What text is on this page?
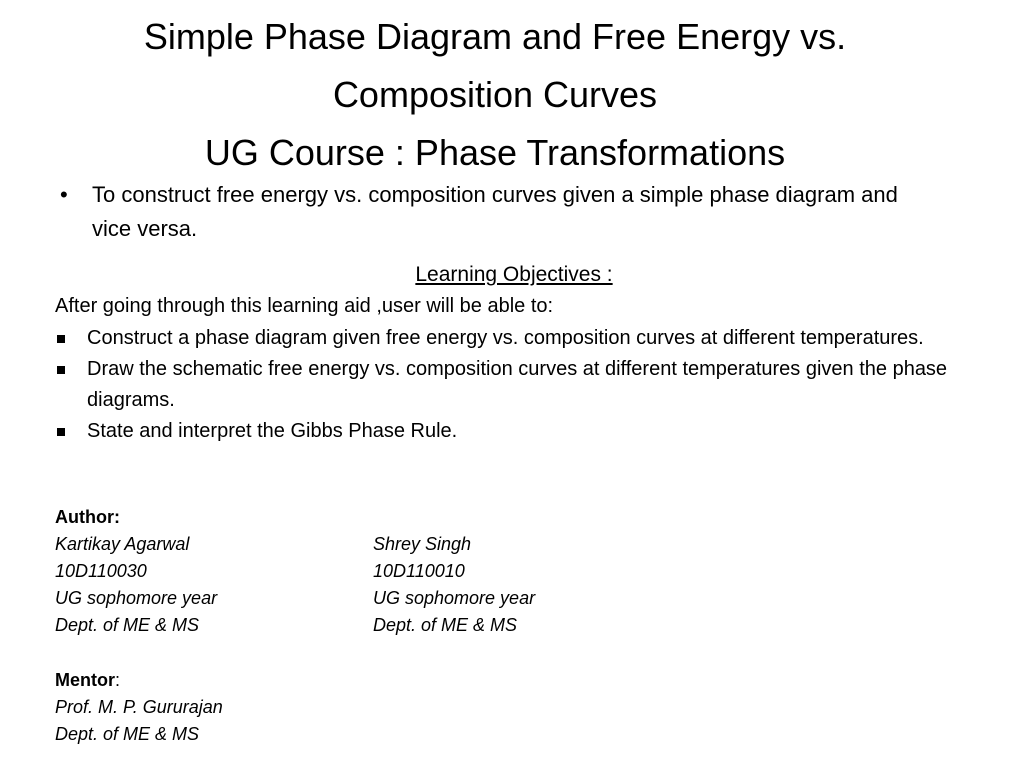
Simple Phase Diagram and Free Energy vs.
Composition Curves
UG Course : Phase Transformations
• To construct free energy vs. composition curves given a simple phase diagram and vice versa.
Learning Objectives :
After going through this learning aid ,user will be able to:
Construct a phase diagram given free energy vs. composition curves at different temperatures.
Draw the schematic free energy vs. composition curves at different temperatures given the phase diagrams.
State and interpret the Gibbs Phase Rule.
Author:
Kartikay Agarwal	Shrey Singh
10D110030	10D110010
UG sophomore year	UG sophomore year
Dept. of ME & MS	Dept. of ME & MS
Mentor:
Prof. M. P. Gururajan
Dept. of ME & MS
